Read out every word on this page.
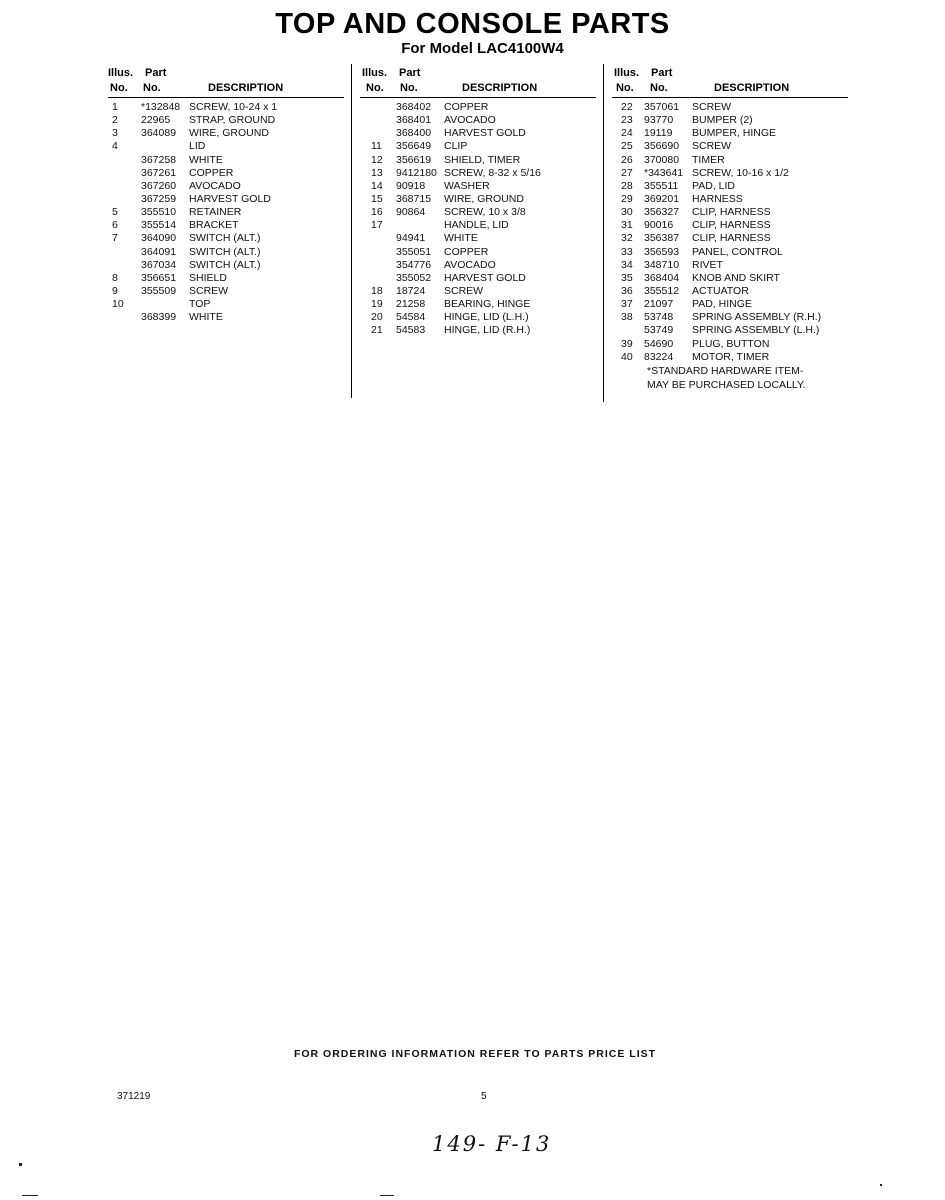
TOP AND CONSOLE PARTS
For Model LAC4100W4
Illus. Part
No. No.	DESCRIPTION
1 *132848 SCREW, 10-24 x 1
2 22965 STRAP, GROUND
3 364089 WIRE, GROUND
4	LID
367258 WHITE
367261 COPPER
367260 AVOCADO
367259 HARVEST GOLD
5 355510 RETAINER
6 355514 BRACKET
7 364090 SWITCH (ALT.)
364091 SWITCH (ALT.)
367034 SWITCH (ALT.)
8 356651 SHIELD
9 355509 SCREW
10	TOP
368399 WHITE
Illus. Part
No. No.	DESCRIPTION
368402 COPPER
368401 AVOCADO
368400 HARVEST GOLD
11 356649 CLIP
12 356619 SHIELD, TIMER
13 9412180 SCREW, 8-32 x 5/16
14 90918 WASHER
15 368715 WIRE, GROUND
16 90864 SCREW, 10 x 3/8
17	HANDLE, LID
94941 WHITE
355051 COPPER
354776 AVOCADO
355052 HARVEST GOLD
18 18724 SCREW
19 21258 BEARING, HINGE
20 54584 HINGE, LID (L.H.)
21 54583 HINGE, LID (R.H.)
Illus. Part
No. No.	DESCRIPTION
22 357061 SCREW
23 93770 BUMPER (2)
24 19119 BUMPER, HINGE
25 356690 SCREW
26 370080 TIMER
27 *343641 SCREW, 10-16 x 1/2
28 355511 PAD, LID
29 369201 HARNESS
30 356327 CLIP, HARNESS
31 90016 CLIP, HARNESS
32 356387 CLIP, HARNESS
33 356593 PANEL, CONTROL
34 348710 RIVET
35 368404 KNOB AND SKIRT
36 355512 ACTUATOR
37 21097 PAD, HINGE
38 53748 SPRING ASSEMBLY (R.H.)
53749 SPRING ASSEMBLY (L.H.)
39 54690 PLUG, BUTTON
40 83224 MOTOR, TIMER
*STANDARD HARDWARE ITEM-
MAY BE PURCHASED LOCALLY.
FOR ORDERING INFORMATION REFER TO PARTS PRICE LIST
371219	5
149- F-13
